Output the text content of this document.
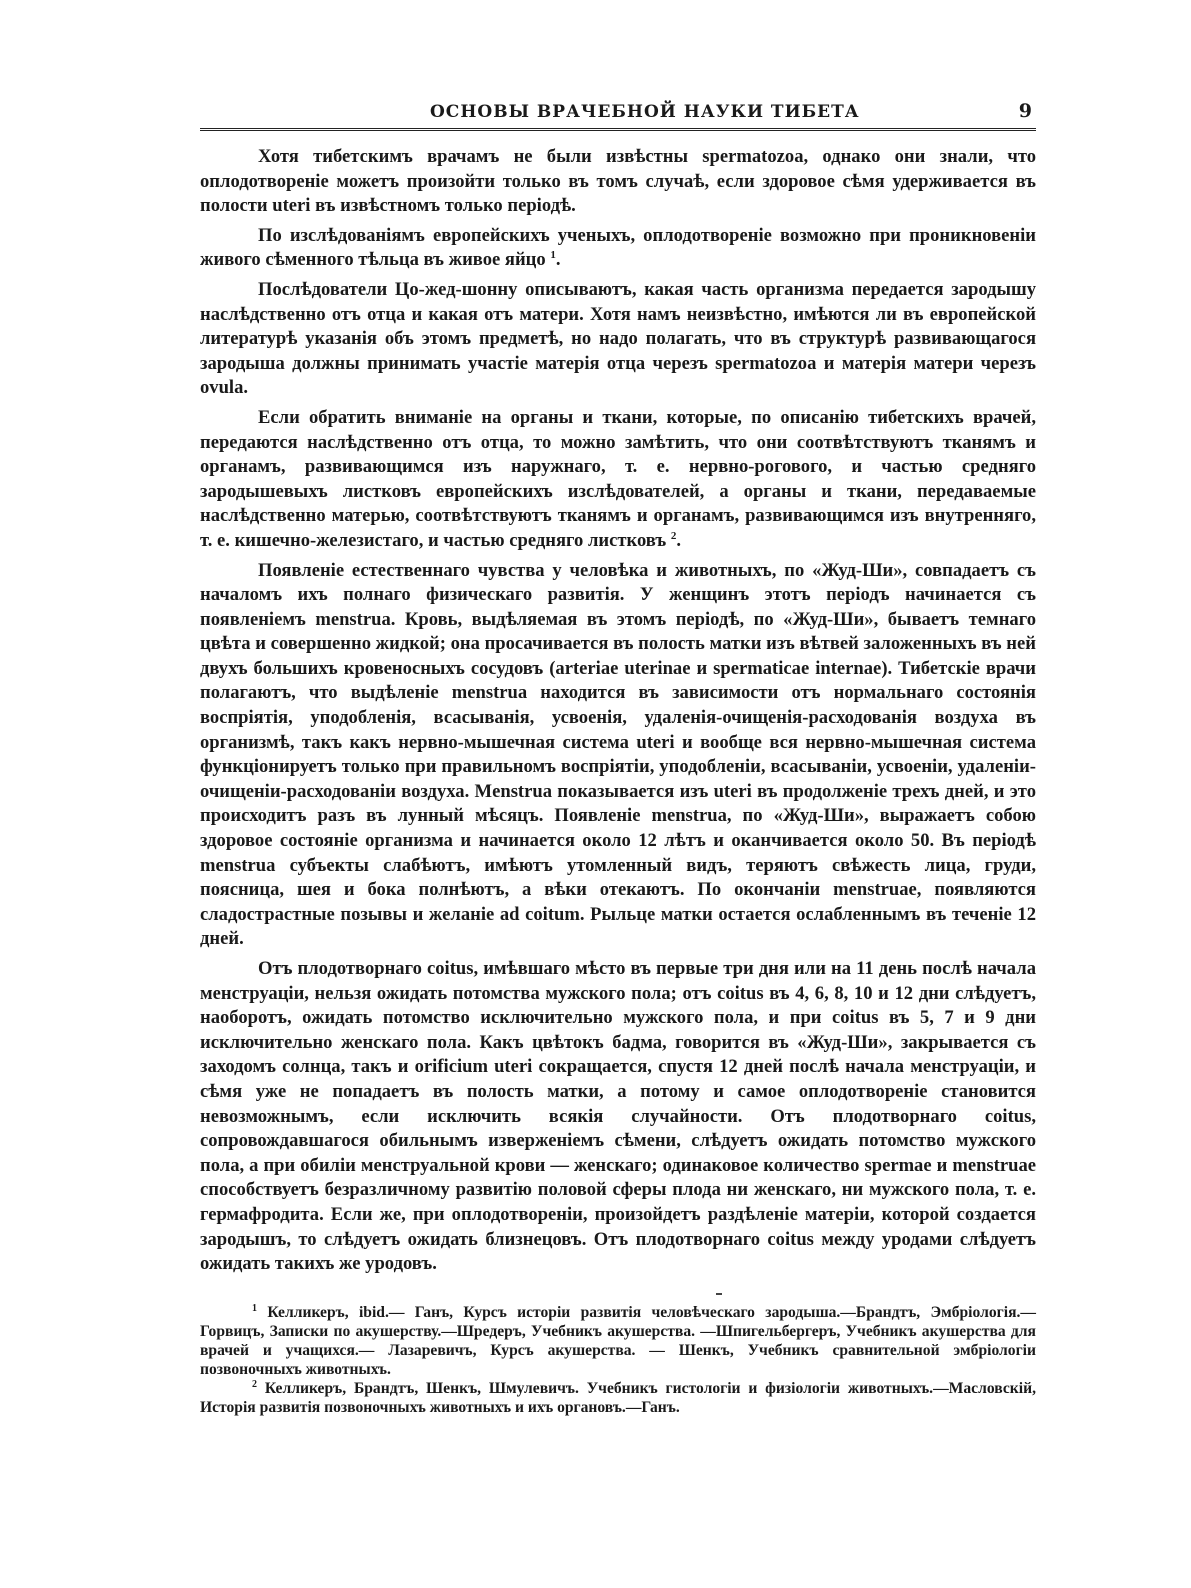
ОСНОВЫ ВРАЧЕБНОЙ НАУКИ ТИБЕТА	9

Хотя тибетскимъ врачамъ не были извѣстны spermatozoa, однако они знали, что оплодотвореніе можетъ произойти только въ томъ случаѣ, если здоровое сѣмя удерживается въ полости uteri въ извѣстномъ только періодѣ.

По изслѣдованіямъ европейскихъ ученыхъ, оплодотвореніе возможно при проникновеніи живого сѣменного тѣльца въ живое яйцо $^1$.

Послѣдователи Цо-жед-шонну описываютъ, какая часть организма передается зародышу наслѣдственно отъ отца и какая отъ матери. Хотя намъ неизвѣстно, имѣются ли въ европейской литературѣ указанія объ этомъ предметѣ, но надо полагать, что въ структурѣ развивающагося зародыша должны принимать участіе матерія отца черезъ spermatozoa и матерія матери черезъ ovula.

Если обратить вниманіе на органы и ткани, которые, по описанію тибетскихъ врачей, передаются наслѣдственно отъ отца, то можно замѣтить, что они соотвѣтствуютъ тканямъ и органамъ, развивающимся изъ наружнаго, т. е. нервно-рогового, и частью средняго зародышевыхъ листковъ европейскихъ изслѣдователей, а органы и ткани, передаваемые наслѣдственно матерью, соотвѣтствуютъ тканямъ и органамъ, развивающимся изъ внутренняго, т. е. кишечно-железистаго, и частью средняго листковъ $^2$.

Появленіе естественнаго чувства у человѣка и животныхъ, по «Жуд-Ши», совпадаетъ съ началомъ ихъ полнаго физическаго развитія. У женщинъ этотъ періодъ начинается съ появленіемъ menstrua. Кровь, выдѣляемая въ этомъ періодѣ, по «Жуд-Ши», бываетъ темнаго цвѣта и совершенно жидкой; она просачивается въ полость матки изъ вѣтвей заложенныхъ въ ней двухъ большихъ кровеносныхъ сосудовъ (arteriae uterinae и spermaticae internae). Тибетскіе врачи полагаютъ, что выдѣленіе menstrua находится въ зависимости отъ нормальнаго состоянія воспріятія, уподобленія, всасыванія, усвоенія, удаленія-очищенія-расходованія воздуха въ организмѣ, такъ какъ нервно-мышечная система uteri и вообще вся нервно-мышечная система функціонируетъ только при правильномъ воспріятіи, уподобленіи, всасываніи, усвоеніи, удаленіи-очищеніи-расходованіи воздуха. Menstrua показывается изъ uteri въ продолженіе трехъ дней, и это происходитъ разъ въ лунный мѣсяцъ. Появленіе menstrua, по «Жуд-Ши», выражаетъ собою здоровое состояніе организма и начинается около 12 лѣтъ и оканчивается около 50. Въ періодѣ menstrua субъекты слабѣютъ, имѣютъ утомленный видъ, теряютъ свѣжесть лица, груди, поясница, шея и бока полнѣютъ, а вѣки отекаютъ. По окончаніи menstruae, появляются сладострастные позывы и желаніе ad coitum. Рыльце матки остается ослабленнымъ въ теченіе 12 дней.

Отъ плодотворнаго coitus, имѣвшаго мѣсто въ первые три дня или на 11 день послѣ начала менструаціи, нельзя ожидать потомства мужского пола; отъ coitus въ 4, 6, 8, 10 и 12 дни слѣдуетъ, наоборотъ, ожидать потомство исключительно мужского пола, и при coitus въ 5, 7 и 9 дни исключительно женскаго пола. Какъ цвѣтокъ бадма, говорится въ «Жуд-Ши», закрывается съ заходомъ солнца, такъ и orificium uteri сокращается, спустя 12 дней послѣ начала менструаціи, и сѣмя уже не попадаетъ въ полость матки, а потому и самое оплодотвореніе становится невозможнымъ, если исключить всякія случайности. Отъ плодотворнаго coitus, сопровождавшагося обильнымъ изверженіемъ сѣмени, слѣдуетъ ожидать потомство мужского пола, а при обиліи менструальной крови — женскаго; одинаковое количество spermae и menstruae способствуетъ безразличному развитію половой сферы плода ни женскаго, ни мужского пола, т. е. гермафродита. Если же, при оплодотвореніи, произойдетъ раздѣленіе матеріи, которой создается зародышъ, то слѣдуетъ ожидать близнецовъ. Отъ плодотворнаго coitus между уродами слѣдуетъ ожидать такихъ же уродовъ.

$^1$ Келликеръ, ibid.— Ганъ, Курсъ исторіи развитія человѣческаго зародыша.—Брандтъ, Эмбріологія.—Горвицъ, Записки по акушерству.—Шредеръ, Учебникъ акушерства. —Шпигельбергеръ, Учебникъ акушерства для врачей и учащихся.— Лазаревичъ, Курсъ акушерства. — Шенкъ, Учебникъ сравнительной эмбріологіи позвоночныхъ животныхъ.

$^2$ Келликеръ, Брандтъ, Шенкъ, Шмулевичъ. Учебникъ гистологіи и физіологіи животныхъ.—Масловскій, Исторія развитія позвоночныхъ животныхъ и ихъ органовъ.—Ганъ.
